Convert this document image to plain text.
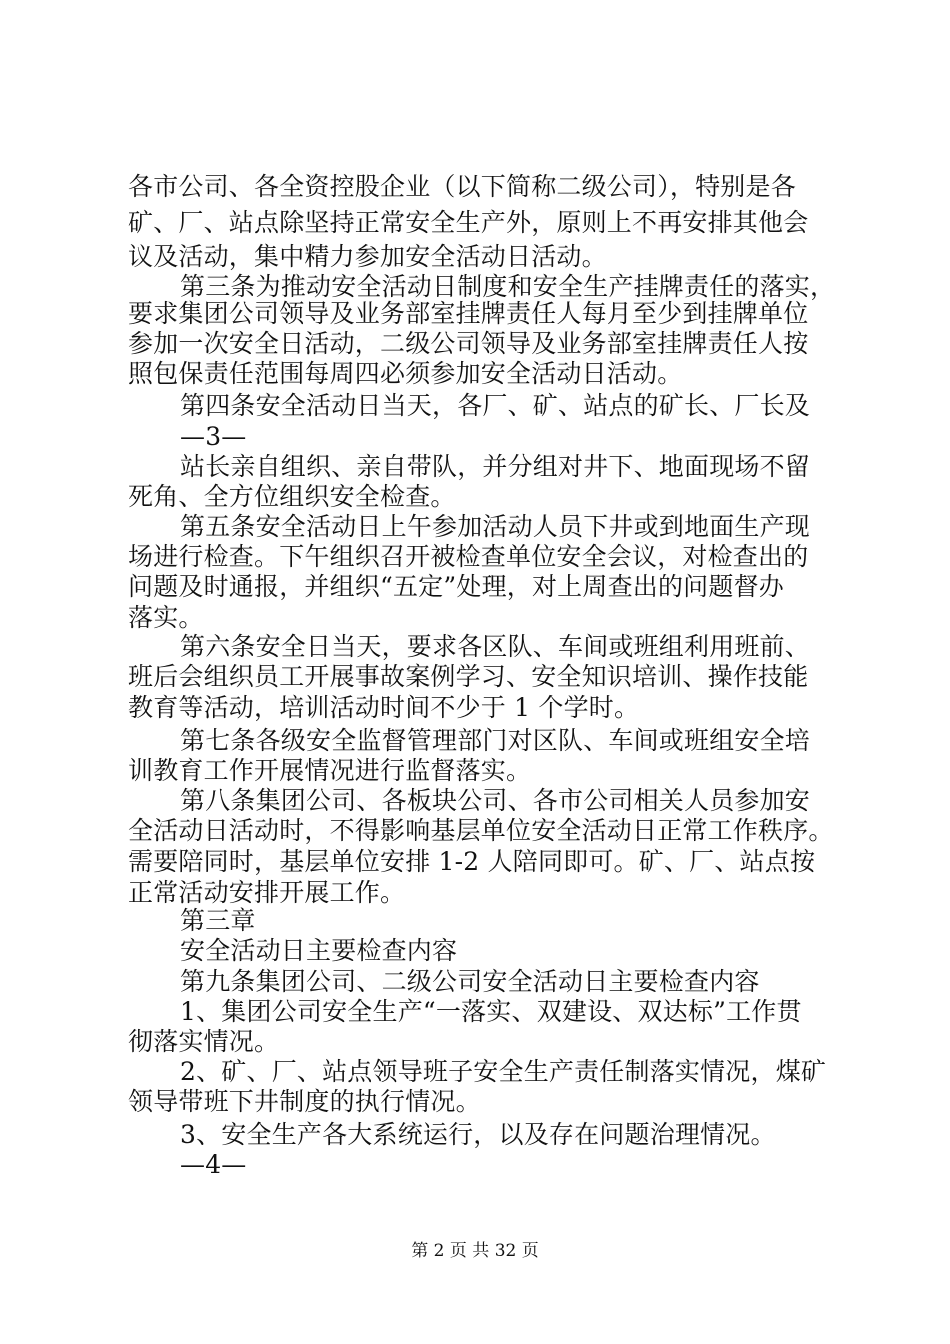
各市公司、各全资控股企业（以下简称二级公司），特别是各
矿、厂、站点除坚持正常安全生产外，原则上不再安排其他会
议及活动，集中精力参加安全活动日活动。
第三条为推动安全活动日制度和安全生产挂牌责任的落实，
要求集团公司领导及业务部室挂牌责任人每月至少到挂牌单位
参加一次安全日活动，二级公司领导及业务部室挂牌责任人按
照包保责任范围每周四必须参加安全活动日活动。
第四条安全活动日当天，各厂、矿、站点的矿长、厂长及
—3—
站长亲自组织、亲自带队，并分组对井下、地面现场不留
死角、全方位组织安全检查。
第五条安全活动日上午参加活动人员下井或到地面生产现
场进行检查。下午组织召开被检查单位安全会议，对检查出的
问题及时通报，并组织“五定”处理，对上周查出的问题督办
落实。
第六条安全日当天，要求各区队、车间或班组利用班前、
班后会组织员工开展事故案例学习、安全知识培训、操作技能
教育等活动，培训活动时间不少于 1 个学时。
第七条各级安全监督管理部门对区队、车间或班组安全培
训教育工作开展情况进行监督落实。
第八条集团公司、各板块公司、各市公司相关人员参加安
全活动日活动时，不得影响基层单位安全活动日正常工作秩序。
需要陪同时，基层单位安排 1-2 人陪同即可。矿、厂、站点按
正常活动安排开展工作。
第三章
安全活动日主要检查内容
第九条集团公司、二级公司安全活动日主要检查内容
1、集团公司安全生产“一落实、双建设、双达标”工作贯
彻落实情况。
2、矿、厂、站点领导班子安全生产责任制落实情况，煤矿
领导带班下井制度的执行情况。
3、安全生产各大系统运行，以及存在问题治理情况。
—4—
第 2 页 共 32 页
